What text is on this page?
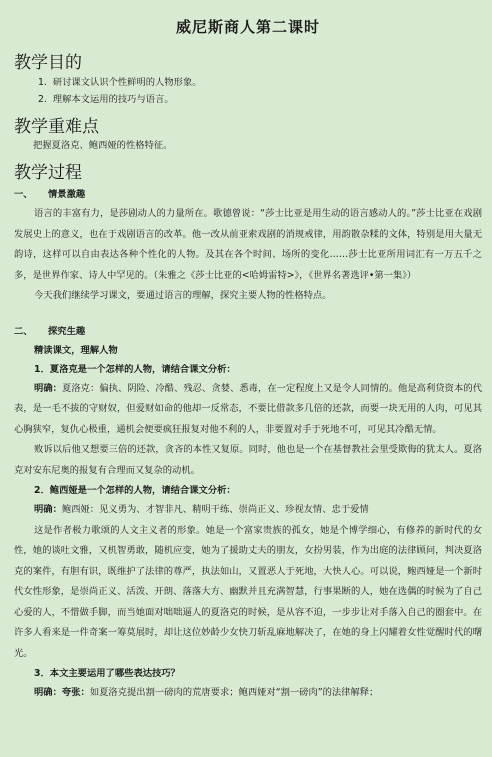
威尼斯商人第二课时
教学目的
1.  研讨课文认识个性鲜明的人物形象。
2.  理解本文运用的技巧与语言。
教学重难点
把握夏洛克、鲍西娅的性格特征。
教学过程
一、 情景激趣
语言的丰富有力，是莎剧动人的力量所在。歌德曾说：“莎士比亚是用生动的语言感动人的。”莎士比亚在戏剧发展史上的意义，也在于戏剧语言的改革。他一改从前亚索戏剧的消规戒律，用韵散杂糅的文体，特别是用大量无韵诗，这样可以自由表达各种个性化的人物。及其在各个时间、场所的变化……莎士比亚所用词汇有一万五千之多，是世界作家、诗人中罕见的。（朱雅之《莎士比亚的<哈姆雷特>》，《世界名著选评•第一集》）
今天我们继续学习课文，要通过语言的理解，探究主要人物的性格特点。
二、 探究生趣
精读课文，理解人物
1．夏洛克是一个怎样的人物，请结合课文分析：
明确：夏洛克：偏执、阴险、冷酷、残忍、贪婪、悉毒，在一定程度上又是令人同情的。他是高利贷资本的代表，是一毛不拔的守财奴，但爱财如命的他却一反常态，不要比借款多几倍的还款，而要一块无用的人肉，可见其心胸狭窄，复仇心极重，通机会便要疯狂报复对他不利的人，非要置对手于死地不可，可见其冷酷无情。
败诉以后他又想要三倍的还款，贪吝的本性又复原。同时，他也是一个在基督教社会里受欺侮的犹太人。夏洛克对安东尼奥的报复有合理而又复杂的动机。
2．鲍西娅是一个怎样的人物，请结合课文分析：
明确：鲍西娅：见义勇为、才智非凡、精明干练、崇尚正义、珍视友情、忠于爱情
这是作者极力歌颂的人文主义者的形象。她是一个富家贵族的孤女，她是个博学细心，有修养的新时代的女性，她的谈吐文雅，又机智勇敢，随机应变，她为了援助丈夫的朋友，女扮男装，作为出庭的法律顾问，判决夏洛克的案件，有胆有识，既维护了法律的尊严，执法如山，又置恶人于死地，大快人心。可以说，鲍西娅是一个新时代女性形象，是崇尚正义、活泼、开朗、落落大方、幽默并且充满智慧，行事果断的人，她在选偶的时候为了自己心爱的人，不惜做手脚，而当她面对咄咄逼人的夏洛克的时候，是从容不迫，一步步让对手落入自己的圈套中。在许多人看来是一件奇案一筹莫展时，却让这位妙龄少女快刀斩乱麻地解决了，在她的身上闪耀着女性觉醒时代的曙光。
3．本文主要运用了哪些表达技巧？
明确：夸张：如夏洛克提出割一磅肉的荒唐要求；鲍西娅对“割一磅肉”的法律解释；
